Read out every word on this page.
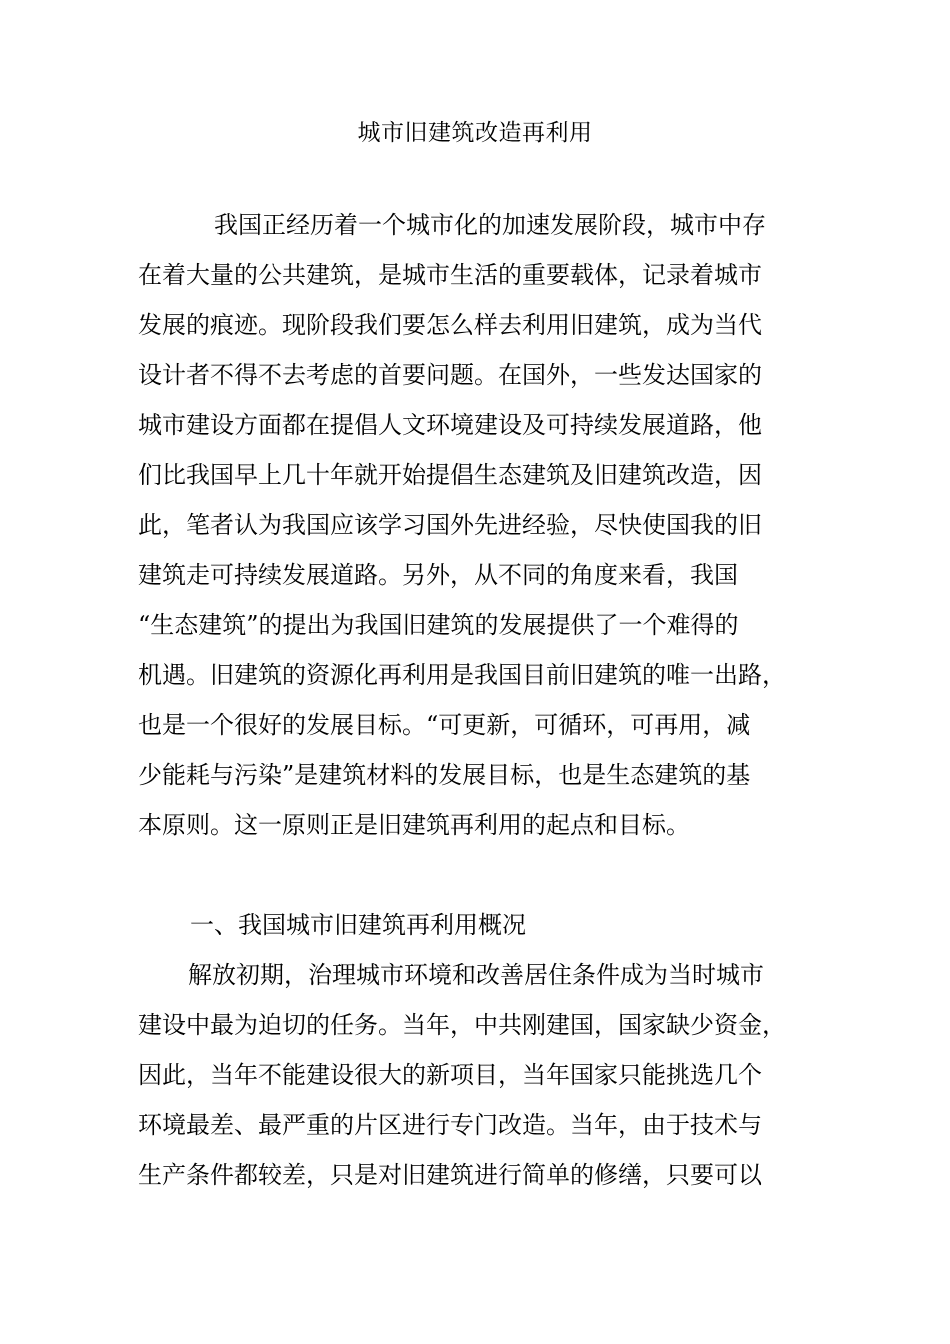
城市旧建筑改造再利用
我国正经历着一个城市化的加速发展阶段，城市中存
在着大量的公共建筑，是城市生活的重要载体，记录着城市
发展的痕迹。现阶段我们要怎么样去利用旧建筑，成为当代
设计者不得不去考虑的首要问题。在国外，一些发达国家的
城市建设方面都在提倡人文环境建设及可持续发展道路，他
们比我国早上几十年就开始提倡生态建筑及旧建筑改造，因
此，笔者认为我国应该学习国外先进经验，尽快使国我的旧
建筑走可持续发展道路。另外，从不同的角度来看，我国
“生态建筑”的提出为我国旧建筑的发展提供了一个难得的
机遇。旧建筑的资源化再利用是我国目前旧建筑的唯一出路，
也是一个很好的发展目标。“可更新，可循环，可再用，减
少能耗与污染”是建筑材料的发展目标，也是生态建筑的基
本原则。这一原则正是旧建筑再利用的起点和目标。
一、我国城市旧建筑再利用概况
解放初期，治理城市环境和改善居住条件成为当时城市
建设中最为迫切的任务。当年，中共刚建国，国家缺少资金，
因此，当年不能建设很大的新项目，当年国家只能挑选几个
环境最差、最严重的片区进行专门改造。当年，由于技术与
生产条件都较差，只是对旧建筑进行简单的修缮，只要可以
